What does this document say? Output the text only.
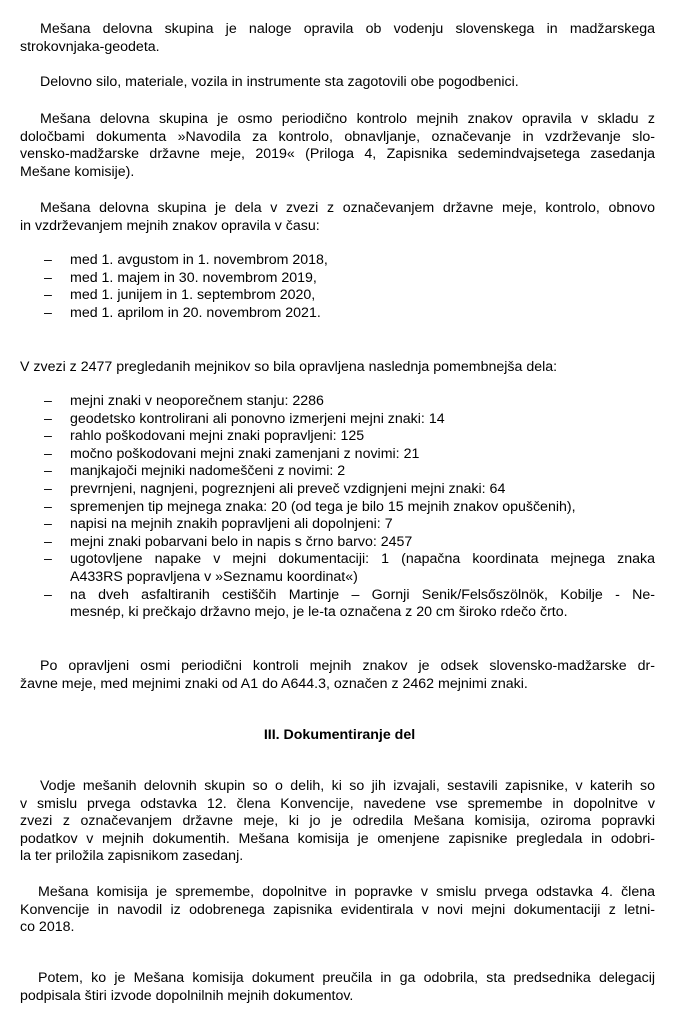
Mešana delovna skupina je naloge opravila ob vodenju slovenskega in madžarskega
strokovnjaka-geodeta.
Delovno silo, materiale, vozila in instrumente sta zagotovili obe pogodbenici.
Mešana delovna skupina je osmo periodično kontrolo mejnih znakov opravila v skladu z
določbami dokumenta »Navodila za kontrolo, obnavljanje, označevanje in vzdrževanje slo-
vensko-madžarske državne meje, 2019« (Priloga 4, Zapisnika sedemindvajsetega zasedanja
Mešane komisije).
Mešana delovna skupina je dela v zvezi z označevanjem državne meje, kontrolo, obnovo
in vzdrževanjem mejnih znakov opravila v času:
– med 1. avgustom in 1. novembrom 2018,
– med 1. majem in 30. novembrom 2019,
– med 1. junijem in 1. septembrom 2020,
– med 1. aprilom in 20. novembrom 2021.
V zvezi z 2477 pregledanih mejnikov so bila opravljena naslednja pomembnejša dela:
– mejni znaki v neoporečnem stanju: 2286
– geodetsko kontrolirani ali ponovno izmerjeni mejni znaki: 14
– rahlo poškodovani mejni znaki popravljeni: 125
– močno poškodovani mejni znaki zamenjani z novimi: 21
– manjkajoči mejniki nadomeščeni z novimi: 2
– prevrnjeni, nagnjeni, pogreznjeni ali preveč vzdignjeni mejni znaki: 64
– spremenjen tip mejnega znaka: 20 (od tega je bilo 15 mejnih znakov opuščenih),
– napisi na mejnih znakih popravljeni ali dopolnjeni: 7
– mejni znaki pobarvani belo in napis s črno barvo: 2457
– ugotovljene napake v mejni dokumentaciji: 1 (napačna koordinata mejnega znaka
A433RS popravljena v »Seznamu koordinat«)
– na dveh asfaltiranih cestiščih Martinje – Gornji Senik/Felsőszölnök, Kobilje - Ne-
mesnép, ki prečkajo državno mejo, je le-ta označena z 20 cm široko rdečo črto.
Po opravljeni osmi periodični kontroli mejnih znakov je odsek slovensko-madžarske dr-
žavne meje, med mejnimi znaki od A1 do A644.3, označen z 2462 mejnimi znaki.
III. Dokumentiranje del
Vodje mešanih delovnih skupin so o delih, ki so jih izvajali, sestavili zapisnike, v katerih so
v smislu prvega odstavka 12. člena Konvencije, navedene vse spremembe in dopolnitve v
zvezi z označevanjem državne meje, ki jo je odredila Mešana komisija, oziroma popravki
podatkov v mejnih dokumentih. Mešana komisija je omenjene zapisnike pregledala in odobri-
la ter priložila zapisnikom zasedanj.
Mešana komisija je spremembe, dopolnitve in popravke v smislu prvega odstavka 4. člena
Konvencije in navodil iz odobrenega zapisnika evidentirala v novi mejni dokumentaciji z letni-
co 2018.
Potem, ko je Mešana komisija dokument preučila in ga odobrila, sta predsednika delegacij
podpisala štiri izvode dopolnilnih mejnih dokumentov.
